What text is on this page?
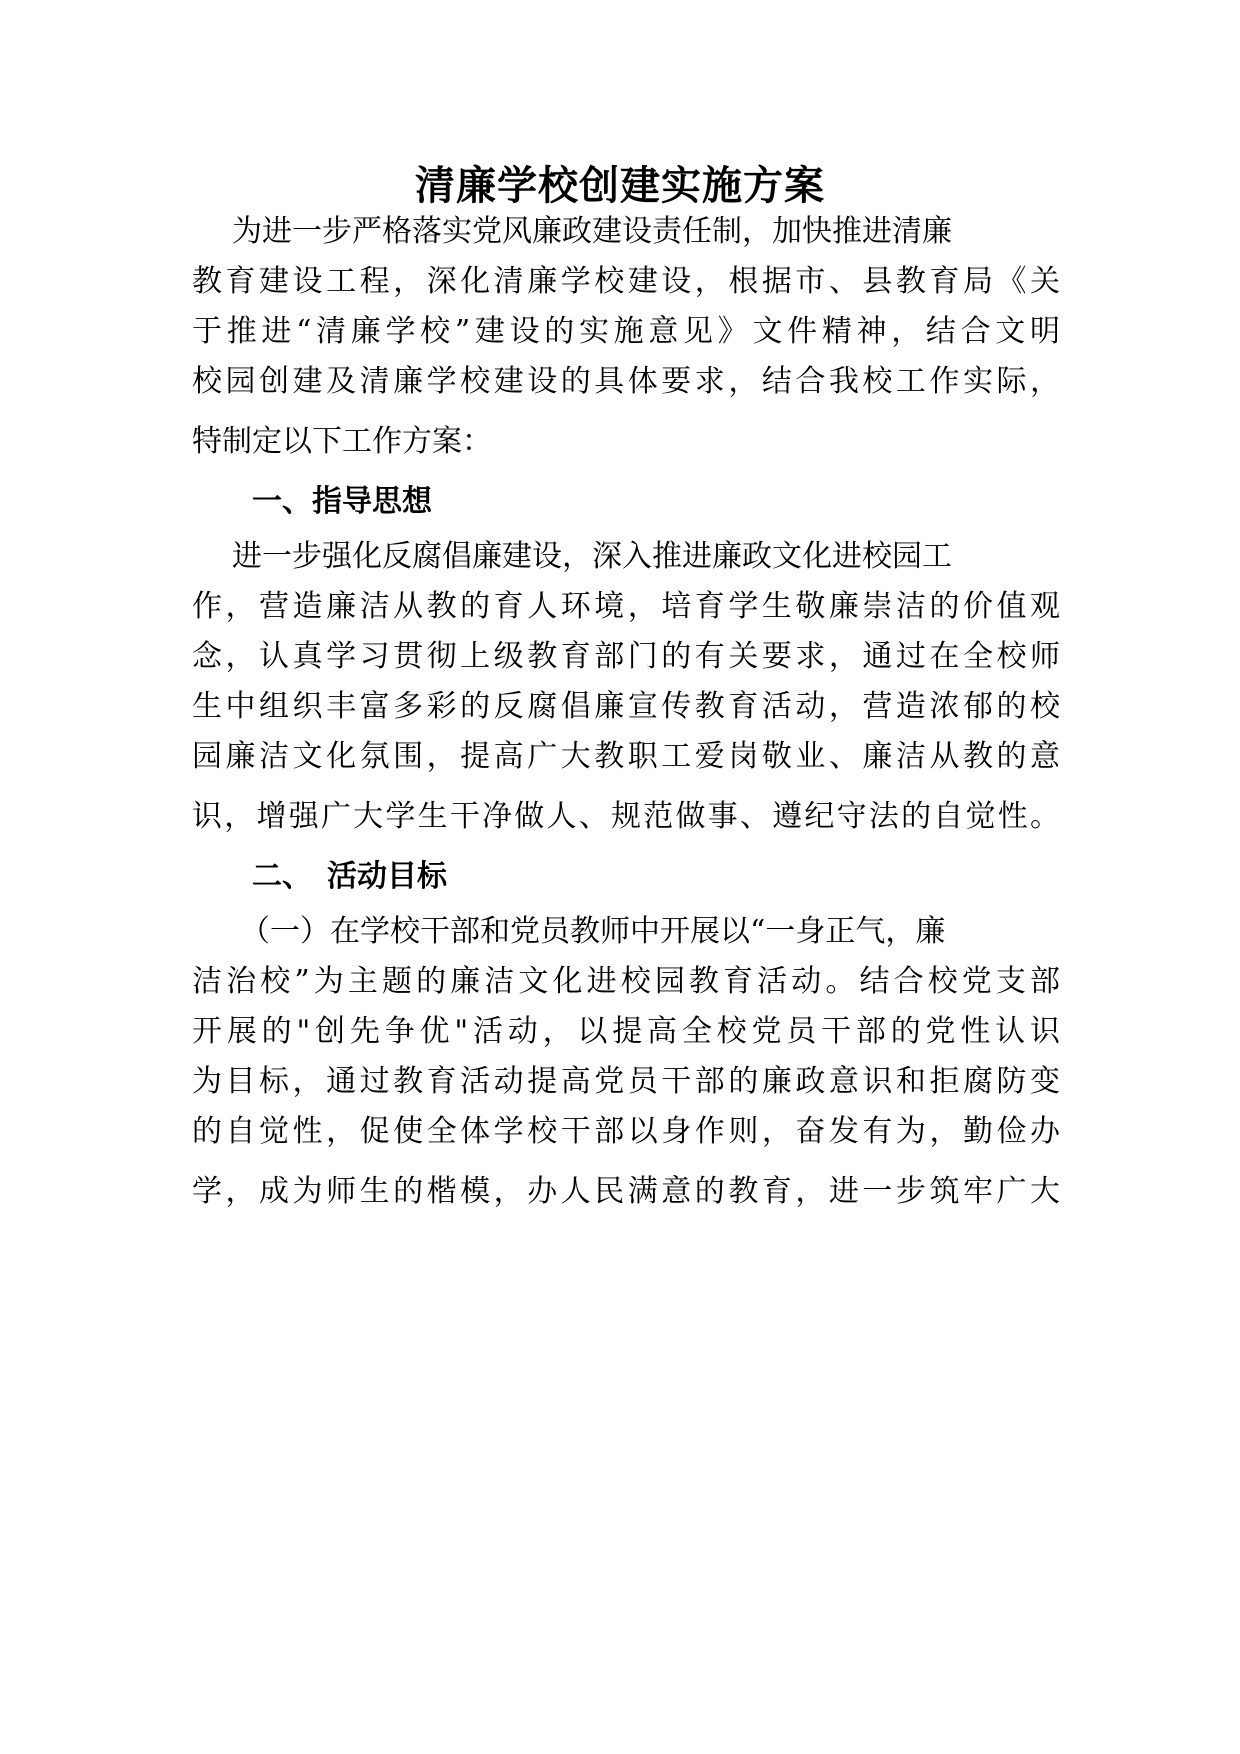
清廉学校创建实施方案

为进一步严格落实党风廉政建设责任制，加快推进清廉

教育建设工程，深化清廉学校建设，根据市、县教育局《关

于推进“清廉学校”建设的实施意见》文件精神，结合文明

校园创建及清廉学校建设的具体要求，结合我校工作实际，

特制定以下工作方案：

一、指导思想

进一步强化反腐倡廉建设，深入推进廉政文化进校园工

作，营造廉洁从教的育人环境，培育学生敬廉崇洁的价值观

念，认真学习贯彻上级教育部门的有关要求，通过在全校师

生中组织丰富多彩的反腐倡廉宣传教育活动，营造浓郁的校

园廉洁文化氛围，提高广大教职工爱岗敬业、廉洁从教的意

识，增强广大学生干净做人、规范做事、遵纪守法的自觉性。

二、　活动目标

（一）在学校干部和党员教师中开展以“一身正气，廉

洁治校”为主题的廉洁文化进校园教育活动。结合校党支部

开展的"创先争优"活动，以提高全校党员干部的党性认识

为目标，通过教育活动提高党员干部的廉政意识和拒腐防变

的自觉性，促使全体学校干部以身作则，奋发有为，勤俭办

学，成为师生的楷模，办人民满意的教育，进一步筑牢广大
